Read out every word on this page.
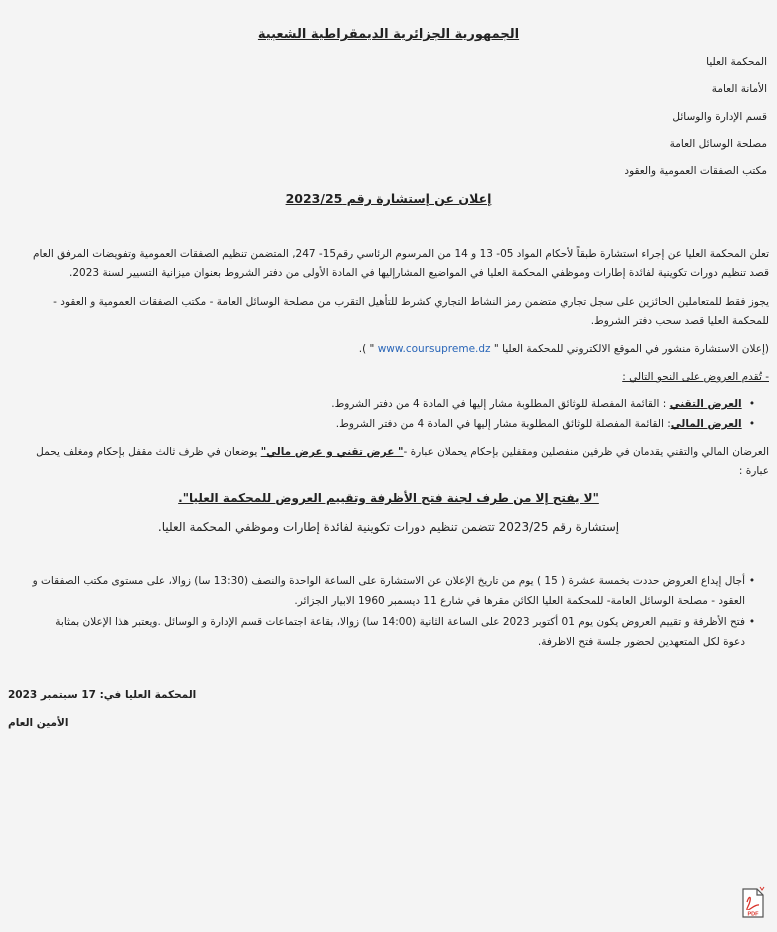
الجمهورية الجزائرية الديمقراطية الشعبية
المحكمة العليا
الأمانة العامة
قسم الإدارة والوسائل
مصلحة الوسائل العامة
مكتب الصفقات العمومية والعقود
إعلان عن إستشارة رقم 2023/25
تعلن المحكمة العليا عن إجراء استشارة طبقاً لأحكام المواد 05- 13 و 14 من المرسوم الرئاسي رقم15- 247, المتضمن تنظيم الصفقات العمومية وتفويضات المرفق العام
قصد تنظيم دورات تكوينية لفائدة إطارات وموظفي المحكمة العليا في المواضيع المشارإليها في المادة الأولى من دفتر الشروط بعنوان ميزانية التسيير لسنة 2023.
يجوز فقط للمتعاملين الحائزين على سجل تجاري متضمن رمز النشاط التجاري كشرط للتأهيل التقرب من مصلحة الوسائل العامة - مكتب الصفقات العمومية و العقود -
للمحكمة العليا قصد سحب دفتر الشروط.
(إعلان الاستشارة منشور في الموقع الالكتروني للمحكمة العليا " www.coursupreme.dz " ).
- تُقدم العروض على النحو التالي :
• العرض التقني : القائمة المفصلة للوثائق المطلوبة مشار إليها في المادة 4 من دفتر الشروط.
• العرض المالي: القائمة المفصلة للوثائق المطلوبة مشار إليها في المادة 4 من دفتر الشروط.
العرضان المالي والتقني يقدمان في ظرفين منفصلين ومقفلين بإحكام يحملان عبارة -" عرض تقني و عرض مالي" يوضعان في ظرف ثالث مقفل بإحكام ومغلف يحمل
عبارة :
"لا يفتح إلا من طرف لجنة فتح الأظرفة وتقييم العروض للمحكمة العليا".
إستشارة رقم 2023/25 تتضمن تنظيم دورات تكوينية لفائدة إطارات وموظفي المحكمة العليا.
•أجال إيداع العروض حددت بخمسة عشرة ( 15 ) يوم من تاريخ الإعلان عن الاستشارة على الساعة الواحدة والنصف (13:30 سا) زوالا، على مستوى مكتب الصفقات و
العقود - مصلحة الوسائل العامة- للمحكمة العليا الكائن مقرها في شارع 11 ديسمبر 1960 الابيار الجزائر.
•فتح الأظرفة و تقييم العروض يكون يوم 01 أكتوبر 2023 على الساعة الثانية (14:00 سا) زوالا، بقاعة اجتماعات قسم الإدارة و الوسائل .ويعتبر هذا الإعلان بمثابة
دعوة لكل المتعهدين لحضور جلسة فتح الاظرفة.
المحكمة العليا في: 17 سبتمبر 2023
الأمين العام
PDF
